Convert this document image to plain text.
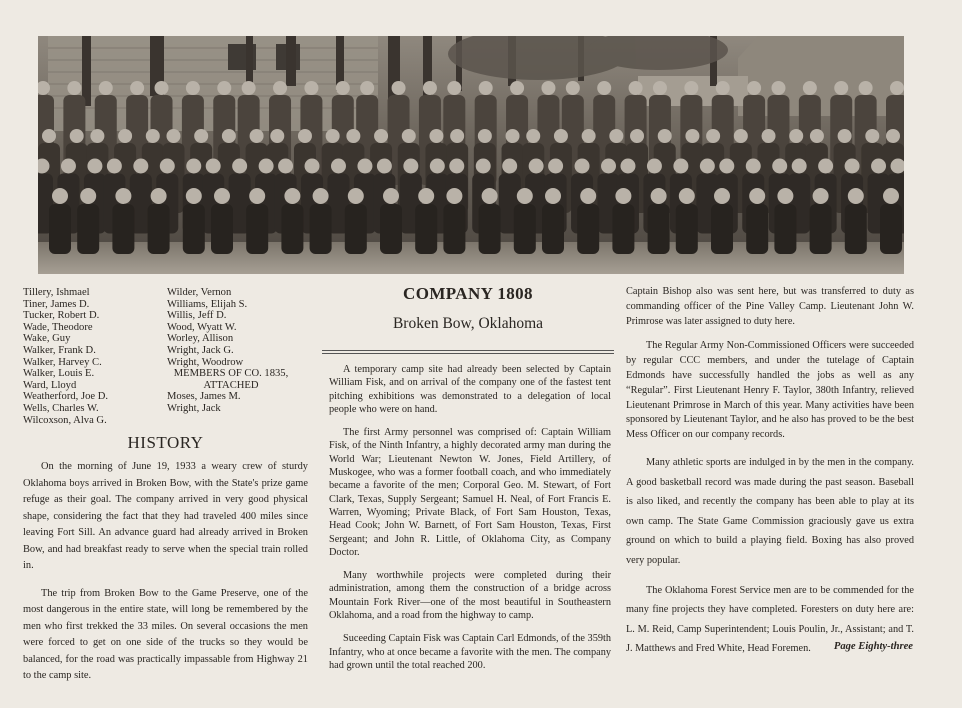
Tillery, Ishmael
Tiner, James D.
Tucker, Robert D.
Wade, Theodore
Wake, Guy
Walker, Frank D.
Walker, Harvey C.
Walker, Louis E.
Ward, Lloyd
Weatherford, Joe D.
Wells, Charles W.
Wilcoxson, Alva G.
Wilder, Vernon
Williams, Elijah S.
Willis, Jeff D.
Wood, Wyatt W.
Worley, Allison
Wright, Jack G.
Wright, Woodrow
MEMBERS OF CO. 1835,
ATTACHED
Moses, James M.
Wright, Jack
HISTORY

On the morning of June 19, 1933 a weary crew of sturdy Oklahoma boys arrived in Broken Bow, with the State's prize game refuge as their goal. The company arrived in very good physical shape, considering the fact that they had traveled 400 miles since leaving Fort Sill. An advance guard had already arrived in Broken Bow, and had breakfast ready to serve when the special train rolled in.

The trip from Broken Bow to the Game Preserve, one of the most dangerous in the entire state, will long be remembered by the men who first trekked the 33 miles. On several occasions the men were forced to get on one side of the trucks so they would be balanced, for the road was practically impassable from Highway 21 to the camp site.

COMPANY 1808
Broken Bow, Oklahoma

A temporary camp site had already been selected by Captain William Fisk, and on arrival of the company one of the fastest tent pitching exhibitions was demonstrated to a delegation of local people who were on hand.

The first Army personnel was comprised of: Captain William Fisk, of the Ninth Infantry, a highly decorated army man during the World War; Lieutenant Newton W. Jones, Field Artillery, of Muskogee, who was a former football coach, and who immediately became a favorite of the men; Corporal Geo. M. Stewart, of Fort Clark, Texas, Supply Sergeant; Samuel H. Neal, of Fort Francis E. Warren, Wyoming; Private Black, of Fort Sam Houston, Texas, Head Cook; John W. Barnett, of Fort Sam Houston, Texas, First Sergeant; and John R. Little, of Oklahoma City, as Company Doctor.

Many worthwhile projects were completed during their administration, among them the construction of a bridge across Mountain Fork River—one of the most beautiful in Southeastern Oklahoma, and a road from the highway to camp.

Suceeding Captain Fisk was Captain Carl Edmonds, of the 359th Infantry, who at once became a favorite with the men. The company had grown until the total reached 200.

Captain Bishop also was sent here, but was transferred to duty as commanding officer of the Pine Valley Camp. Lieutenant John W. Primrose was later assigned to duty here.

The Regular Army Non-Commissioned Officers were succeeded by regular CCC members, and under the tutelage of Captain Edmonds have successfully handled the jobs as well as any “Regular”. First Lieutenant Henry F. Taylor, 380th Infantry, relieved Lieutenant Primrose in March of this year. Many activities have been sponsored by Lieutenant Taylor, and he also has proved to be the best Mess Officer on our company records.

Many athletic sports are indulged in by the men in the company. A good basketball record was made during the past season. Baseball is also liked, and recently the company has been able to play at its own camp. The State Game Commission graciously gave us extra ground on which to build a playing field. Boxing has also proved very popular.

The Oklahoma Forest Service men are to be commended for the many fine projects they have completed. Foresters on duty here are: L. M. Reid, Camp Superintendent; Louis Poulin, Jr., Assistant; and T. J. Matthews and Fred White, Head Foremen.	Page Eighty-three
